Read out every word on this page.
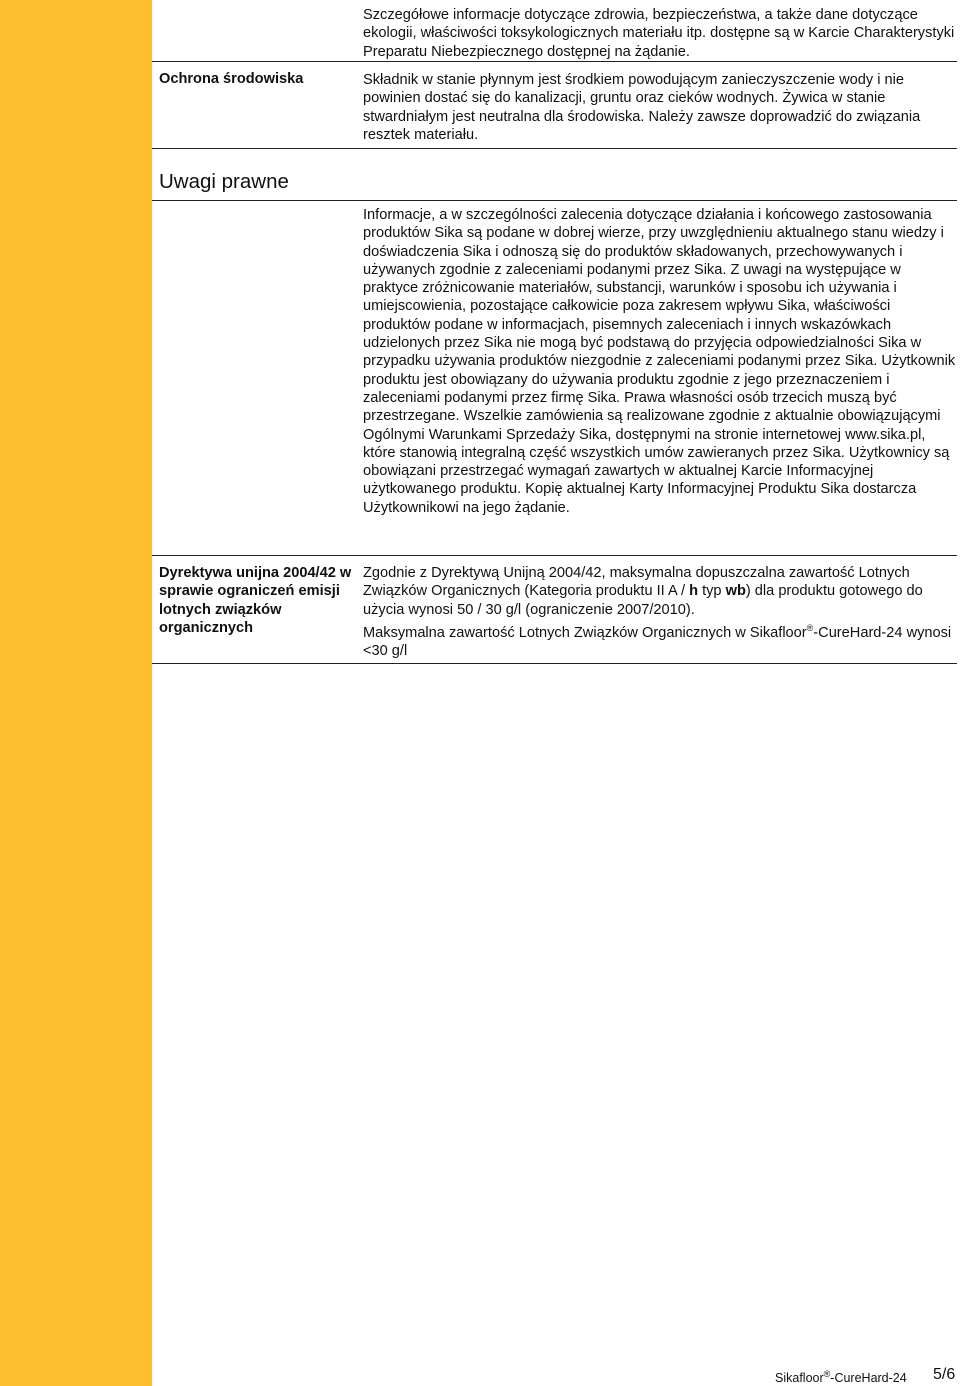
Szczegółowe informacje dotyczące zdrowia, bezpieczeństwa, a także dane dotyczące ekologii, właściwości toksykologicznych materiału itp. dostępne są w Karcie Charakterystyki Preparatu Niebezpiecznego dostępnej na żądanie.

Ochrona środowiska	Składnik w stanie płynnym jest środkiem powodującym zanieczyszczenie wody i nie powinien dostać się do kanalizacji, gruntu oraz cieków wodnych. Żywica w stanie stwardniałym jest neutralna dla środowiska. Należy zawsze doprowadzić do związania resztek materiału.

Uwagi prawne

Informacje, a w szczególności zalecenia dotyczące działania i końcowego zastosowania produktów Sika są podane w dobrej wierze, przy uwzględnieniu aktualnego stanu wiedzy i doświadczenia Sika i odnoszą się do produktów składowanych, przechowywanych i używanych zgodnie z zaleceniami podanymi przez Sika. Z uwagi na występujące w praktyce zróżnicowanie materiałów, substancji, warunków i sposobu ich używania i umiejscowienia, pozostające całkowicie poza zakresem wpływu Sika, właściwości produktów podane w informacjach, pisemnych zaleceniach i innych wskazówkach udzielonych przez Sika nie mogą być podstawą do przyjęcia odpowiedzialności Sika w przypadku używania produktów niezgodnie z zaleceniami podanymi przez Sika. Użytkownik produktu jest obowiązany do używania produktu zgodnie z jego przeznaczeniem i zaleceniami podanymi przez firmę Sika. Prawa własności osób trzecich muszą być przestrzegane. Wszelkie zamówienia są realizowane zgodnie z aktualnie obowiązującymi Ogólnymi Warunkami Sprzedaży Sika, dostępnymi na stronie internetowej www.sika.pl, które stanowią integralną część wszystkich umów zawieranych przez Sika. Użytkownicy są obowiązani przestrzegać wymagań zawartych w aktualnej Karcie Informacyjnej użytkowanego produktu. Kopię aktualnej Karty Informacyjnej Produktu Sika dostarcza Użytkownikowi na jego żądanie.

Dyrektywa unijna 2004/42 w sprawie ograniczeń emisji lotnych związków organicznych

Zgodnie z Dyrektywą Unijną 2004/42, maksymalna dopuszczalna zawartość Lotnych Związków Organicznych (Kategoria produktu II A / h typ wb) dla produktu gotowego do użycia wynosi 50 / 30 g/l (ograniczenie 2007/2010).

Maksymalna zawartość Lotnych Związków Organicznych w Sikafloor®-CureHard-24 wynosi <30 g/l

Sikafloor®-CureHard-24 5/6
